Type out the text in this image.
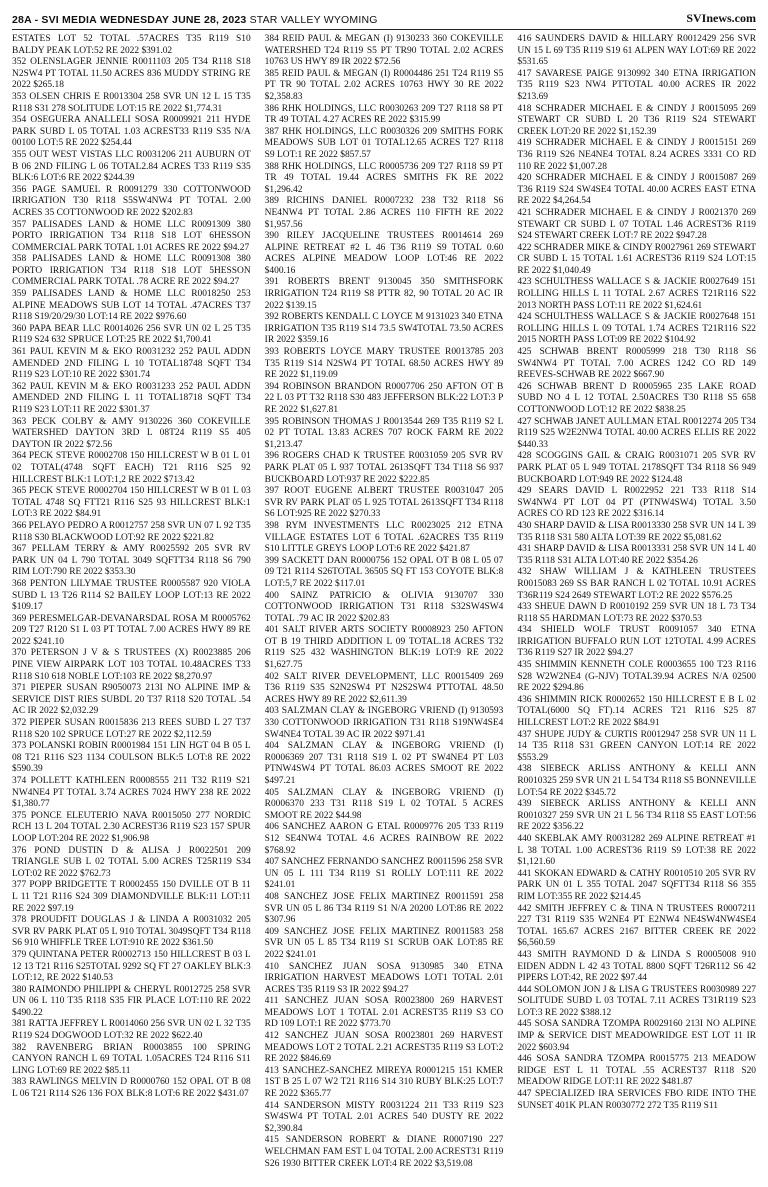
28A - SVI MEDIA WEDNESDAY JUNE 28, 2023 STAR VALLEY WYOMING	SVInews.com

ESTATES LOT 52 TOTAL .57ACRES T35 R119 S10 BALDY PEAK LOT:52 RE 2022 $391.02

352 OLENSLAGER JENNIE R0011103 205 T34 R118 S18 N2SW4 PT TOTAL 11.50 ACRES 836 MUDDY STRING RE 2022 $265.18

353 OLSEN CHRIS E R0013304 258 SVR UN 12 L 15 T35 R118 S31 278 SOLITUDE LOT:15 RE 2022 $1,774.31

354 OSEGUERA ANALLELI SOSA R0009921 211 HYDE PARK SUBD L 05 TOTAL 1.03 ACREST33 R119 S35 N/A 00100 LOT:5 RE 2022 $254.44

355 OUT WEST VISTAS LLC R0031206 211 AUBURN OT B 06 2ND FILING L 06 TOTAL2.84 ACRES T33 R119 S35 BLK:6 LOT:6 RE 2022 $244.39

356 PAGE SAMUEL R R0091279 330 COTTONWOOD IRRIGATION T30 R118 S5SW4NW4 PT TOTAL 2.00 ACRES 35 COTTONWOOD RE 2022 $202.83

357 PALISADES LAND & HOME LLC R0091309 380 PORTO IRRIGATION T34 R118 S18 LOT 6HESSON COMMERCIAL PARK TOTAL 1.01 ACRES RE 2022 $94.27

358 PALISADES LAND & HOME LLC R0091308 380 PORTO IRRIGATION T34 R118 S18 LOT 5HESSON COMMERCIAL PARK TOTAL .78 ACRE RE 2022 $94.27

359 PALISADES LAND & HOME LLC R0018250 253 ALPINE MEADOWS SUB LOT 14 TOTAL .47ACRES T37 R118 S19/20/29/30 LOT:14 RE 2022 $976.60

360 PAPA BEAR LLC R0014026 256 SVR UN 02 L 25 T35 R119 S24 632 SPRUCE LOT:25 RE 2022 $1,700.41

361 PAUL KEVIN M & EKO R0031232 252 PAUL ADDN AMENDED 2ND FILING L 10 TOTAL18748 SQFT T34 R119 S23 LOT:10 RE 2022 $301.74

362 PAUL KEVIN M & EKO R0031233 252 PAUL ADDN AMENDED 2ND FILING L 11 TOTAL18718 SQFT T34 R119 S23 LOT:11 RE 2022 $301.37

363 PECK COLBY & AMY 9130226 360 COKEVILLE WATERSHED DAYTON 3RD L 08T24 R119 S5 405 DAYTON IR 2022 $72.56

364 PECK STEVE R0002708 150 HILLCREST W B 01 L 01 02 TOTAL(4748 SQFT EACH) T21 R116 S25 92 HILLCREST BLK:1 LOT:1,2 RE 2022 $713.42

365 PECK STEVE R0002704 150 HILLCREST W B 01 L 03 TOTAL 4748 SQ FTT21 R116 S25 93 HILLCREST BLK:1 LOT:3 RE 2022 $84.91

366 PELAYO PEDRO A R0012757 258 SVR UN 07 L 92 T35 R118 S30 BLACKWOOD LOT:92 RE 2022 $221.82

367 PELLAM TERRY & AMY R0025592 205 SVR RV PARK UN 04 L 790 TOTAL 3049 SQFTT34 R118 S6 790 RIM LOT:790 RE 2022 $353.30

368 PENTON LILYMAE TRUSTEE R0005587 920 VIOLA SUBD L 13 T26 R114 S2 BAILEY LOOP LOT:13 RE 2022 $109.17

369 PERESMELGAR-DEVANARSDAL ROSA M R0005762 209 T27 R120 S1 L 03 PT TOTAL 7.00 ACRES HWY 89 RE 2022 $241.10

370 PETERSON J V & S TRUSTEES (X) R0023885 206 PINE VIEW AIRPARK LOT 103 TOTAL 10.48ACRES T33 R118 S10 618 NOBLE LOT:103 RE 2022 $8,270.97

371 PIEPER SUSAN R9050073 213I NO ALPINE IMP & SERVICE DIST RIES SUBDL 20 T37 R118 S20 TOTAL .54 AC IR 2022 $2,032.29

372 PIEPER SUSAN R0015836 213 REES SUBD L 27 T37 R118 S20 102 SPRUCE LOT:27 RE 2022 $2,112.59

373 POLANSKI ROBIN R0001984 151 LIN HGT 04 B 05 L 08 T21 R116 S23 1134 COULSON BLK:5 LOT:8 RE 2022 $590.39

374 POLLETT KATHLEEN R0008555 211 T32 R119 S21 NW4NE4 PT TOTAL 3.74 ACRES 7024 HWY 238 RE 2022 $1,380.77

375 PONCE ELEUTERIO NAVA R0015050 277 NORDIC RCH 13 L 204 TOTAL 2.30 ACREST36 R119 S23 157 SPUR LOOP LOT:204 RE 2022 $1,906.98

376 POND DUSTIN D & ALISA J R0022501 209 TRIANGLE SUB L 02 TOTAL 5.00 ACRES T25R119 S34 LOT:02 RE 2022 $762.73

377 POPP BRIDGETTE T R0002455 150 DVILLE OT B 11 L 11 T21 R116 S24 309 DIAMONDVILLE BLK:11 LOT:11 RE 2022 $97.19

378 PROUDFIT DOUGLAS J & LINDA A R0031032 205 SVR RV PARK PLAT 05 L 910 TOTAL 3049SQFT T34 R118 S6 910 WHIFFLE TREE LOT:910 RE 2022 $361.50

379 QUINTANA PETER R0002713 150 HILLCREST B 03 L 12 13 T21 R116 S25TOTAL 9292 SQ FT 27 OAKLEY BLK:3 LOT:12, RE 2022 $140.53

380 RAIMONDO PHILIPPI & CHERYL R0012725 258 SVR UN 06 L 110 T35 R118 S35 FIR PLACE LOT:110 RE 2022 $490.22

381 RATTA JEFFREY L R0014060 256 SVR UN 02 L 32 T35 R119 S24 DOGWOOD LOT:32 RE 2022 $622.40

382 RAVENBERG BRIAN R0003855 100 SPRING CANYON RANCH L 69 TOTAL 1.05ACRES T24 R116 S11 LING LOT:69 RE 2022 $85.11

383 RAWLINGS MELVIN D R0000760 152 OPAL OT B 08 L 06 T21 R114 S26 136 FOX BLK:8 LOT:6 RE 2022 $431.07

384 REID PAUL & MEGAN (I) 9130233 360 COKEVILLE WATERSHED T24 R119 S5 PT TR90 TOTAL 2.02 ACRES 10763 US HWY 89 IR 2022 $72.56

385 REID PAUL & MEGAN (I) R0004486 251 T24 R119 S5 PT TR 90 TOTAL 2.02 ACRES 10763 HWY 30 RE 2022 $2,358.83

386 RHK HOLDINGS, LLC R0030263 209 T27 R118 S8 PT TR 49 TOTAL 4.27 ACRES RE 2022 $315.99

387 RHK HOLDINGS, LLC R0030326 209 SMITHS FORK MEADOWS SUB LOT 01 TOTAL12.65 ACRES T27 R118 S9 LOT:1 RE 2022 $857.57

388 RHK HOLDINGS, LLC R0005736 209 T27 R118 S9 PT TR 49 TOTAL 19.44 ACRES SMITHS FK RE 2022 $1,296.42

389 RICHINS DANIEL R0007232 238 T32 R118 S6 NE4NW4 PT TOTAL 2.86 ACRES 110 FIFTH RE 2022 $1,957.56

390 RILEY JACQUELINE TRUSTEES R0014614 269 ALPINE RETREAT #2 L 46 T36 R119 S9 TOTAL 0.60 ACRES ALPINE MEADOW LOOP LOT:46 RE 2022 $400.16

391 ROBERTS BRENT 9130045 350 SMITHSFORK IRRIGATION T24 R119 S8 PTTR 82, 90 TOTAL 20 AC IR 2022 $139.15

392 ROBERTS KENDALL C LOYCE M 9131023 340 ETNA IRRIGATION T35 R119 S14 73.5 SW4TOTAL 73.50 ACRES IR 2022 $359.16

393 ROBERTS LOYCE MARY TRUSTEE R0013785 203 T35 R119 S14 N2SW4 PT TOTAL 68.50 ACRES HWY 89 RE 2022 $1,119.09

394 ROBINSON BRANDON R0007706 250 AFTON OT B 22 L 03 PT T32 R118 S30 483 JEFFERSON BLK:22 LOT:3 P RE 2022 $1,627.81

395 ROBINSON THOMAS J R0013544 269 T35 R119 S2 L 02 PT TOTAL 13.83 ACRES 707 ROCK FARM RE 2022 $1,213.47

396 ROGERS CHAD K TRUSTEE R0031059 205 SVR RV PARK PLAT 05 L 937 TOTAL 2613SQFT T34 T118 S6 937 BUCKBOARD LOT:937 RE 2022 $222.85

397 ROOT EUGENE ALBERT TRUSTEE R0031047 205 SVR RV PARK PLAT 05 L 925 TOTAL 2613SQFT T34 R118 S6 LOT:925 RE 2022 $270.33

398 RYM INVESTMENTS LLC R0023025 212 ETNA VILLAGE ESTATES LOT 6 TOTAL .62ACRES T35 R119 S10 LITTLE GREYS LOOP LOT:6 RE 2022 $421.87

399 SACKETT DAN R0000756 152 OPAL OT B 08 L 05 07 09 T21 R114 S26TOTAL 36505 SQ FT 153 COYOTE BLK:8 LOT:5,7 RE 2022 $117.01

400 SAINZ PATRICIO & OLIVIA 9130707 330 COTTONWOOD IRRIGATION T31 R118 S32SW4SW4 TOTAL .79 AC IR 2022 $202.83

401 SALT RIVER ARTS SOCIETY R0008923 250 AFTON OT B 19 THIRD ADDITION L 09 TOTAL.18 ACRES T32 R119 S25 432 WASHINGTON BLK:19 LOT:9 RE 2022 $1,627.75

402 SALT RIVER DEVELOPMENT, LLC R0015409 269 T36 R119 S35 S2N2SW4 PT N2S2SW4 PTTOTAL 48.50 ACRES HWY 89 RE 2022 $2,611.39

403 SALZMAN CLAY & INGEBORG VRIEND (I) 9130593 330 COTTONWOOD IRRIGATION T31 R118 S19NW4SE4 SW4NE4 TOTAL 39 AC IR 2022 $971.41

404 SALZMAN CLAY & INGEBORG VRIEND (I) R0006369 207 T31 R118 S19 L 02 PT SW4NE4 PT L03 PTNW4SW4 PT TOTAL 86.03 ACRES SMOOT RE 2022 $497.21

405 SALZMAN CLAY & INGEBORG VRIEND (I) R0006370 233 T31 R118 S19 L 02 TOTAL 5 ACRES SMOOT RE 2022 $44.98

406 SANCHEZ AARON G ETAL R0009776 205 T33 R119 S12 SE4NW4 TOTAL 4.6 ACRES RAINBOW RE 2022 $768.92

407 SANCHEZ FERNANDO SANCHEZ R0011596 258 SVR UN 05 L 111 T34 R119 S1 ROLLY LOT:111 RE 2022 $241.01

408 SANCHEZ JOSE FELIX MARTINEZ R0011591 258 SVR UN 05 L 86 T34 R119 S1 N/A 20200 LOT:86 RE 2022 $307.96

409 SANCHEZ JOSE FELIX MARTINEZ R0011583 258 SVR UN 05 L 85 T34 R119 S1 SCRUB OAK LOT:85 RE 2022 $241.01

410 SANCHEZ JUAN SOSA 9130985 340 ETNA IRRIGATION HARVEST MEADOWS LOT1 TOTAL 2.01 ACRES T35 R119 S3 IR 2022 $94.27

411 SANCHEZ JUAN SOSA R0023800 269 HARVEST MEADOWS LOT 1 TOTAL 2.01 ACREST35 R119 S3 CO RD 109 LOT:1 RE 2022 $773.70

412 SANCHEZ JUAN SOSA R0023801 269 HARVEST MEADOWS LOT 2 TOTAL 2.21 ACREST35 R119 S3 LOT:2 RE 2022 $846.69

413 SANCHEZ-SANCHEZ MIREYA R0001215 151 KMER 1ST B 25 L 07 W2 T21 R116 S14 310 RUBY BLK:25 LOT:7 RE 2022 $365.77

414 SANDERSON MISTY R0031224 211 T33 R119 S23 SW4SW4 PT TOTAL 2.01 ACRES 540 DUSTY RE 2022 $2,390.84

415 SANDERSON ROBERT & DIANE R0007190 227 WELCHMAN FAM EST L 04 TOTAL 2.00 ACREST31 R119 S26 1930 BITTER CREEK LOT:4 RE 2022 $3,519.08

416 SAUNDERS DAVID & HILLARY R0012429 256 SVR UN 15 L 69 T35 R119 S19 61 ALPEN WAY LOT:69 RE 2022 $531.65

417 SAVARESE PAIGE 9130992 340 ETNA IRRIGATION T35 R119 S23 NW4 PTTOTAL 40.00 ACRES IR 2022 $213.69

418 SCHRADER MICHAEL E & CINDY J R0015095 269 STEWART CR SUBD L 20 T36 R119 S24 STEWART CREEK LOT:20 RE 2022 $1,152.39

419 SCHRADER MICHAEL E & CINDY J R0015151 269 T36 R119 S26 NE4NE4 TOTAL 8.24 ACRES 3331 CO RD 110 RE 2022 $1,007.28

420 SCHRADER MICHAEL E & CINDY J R0015087 269 T36 R119 S24 SW4SE4 TOTAL 40.00 ACRES EAST ETNA RE 2022 $4,264.54

421 SCHRADER MICHAEL E & CINDY J R0021370 269 STEWART CR SUBD L 07 TOTAL 1.46 ACREST36 R119 S24 STEWART CREEK LOT:7 RE 2022 $947.28

422 SCHRADER MIKE & CINDY R0027961 269 STEWART CR SUBD L 15 TOTAL 1.61 ACREST36 R119 S24 LOT:15 RE 2022 $1,040.49

423 SCHULTHESS WALLACE S & JACKIE R0027649 151 ROLLING HILLS L 11 TOTAL 2.67 ACRES T21R116 S22 2013 NORTH PASS LOT:11 RE 2022 $1,624.61

424 SCHULTHESS WALLACE S & JACKIE R0027648 151 ROLLING HILLS L 09 TOTAL 1.74 ACRES T21R116 S22 2015 NORTH PASS LOT:09 RE 2022 $104.92

425 SCHWAB BRENT R0005999 218 T30 R118 S6 SW4NW4 PT TOTAL 7.00 ACRES 1242 CO RD 149 REEVES-SCHWAB RE 2022 $667.90

426 SCHWAB BRENT D R0005965 235 LAKE ROAD SUBD NO 4 L 12 TOTAL 2.50ACRES T30 R118 S5 658 COTTONWOOD LOT:12 RE 2022 $838.25

427 SCHWAB JANET AULLMAN ETAL R0012274 205 T34 R119 S25 W2E2NW4 TOTAL 40.00 ACRES ELLIS RE 2022 $440.33

428 SCOGGINS GAIL & CRAIG R0031071 205 SVR RV PARK PLAT 05 L 949 TOTAL 2178SQFT T34 R118 S6 949 BUCKBOARD LOT:949 RE 2022 $124.48

429 SEARS DAVID L R0022952 221 T33 R118 S14 SW4NW4 PT LOT 04 PT (PTNW4SW4) TOTAL 3.50 ACRES CO RD 123 RE 2022 $316.14

430 SHARP DAVID & LISA R0013330 258 SVR UN 14 L 39 T35 R118 S31 580 ALTA LOT:39 RE 2022 $5,081.62

431 SHARP DAVID & LISA R0013331 258 SVR UN 14 L 40 T35 R118 S31 ALTA LOT:40 RE 2022 $354.26

432 SHAW WILLIAM J & KATHLEEN TRUSTEES R0015083 269 SS BAR RANCH L 02 TOTAL 10.91 ACRES T36R119 S24 2649 STEWART LOT:2 RE 2022 $576.25

433 SHEUE DAWN D R0010192 259 SVR UN 18 L 73 T34 R118 S5 HARDMAN LOT:73 RE 2022 $370.53

434 SHIELD WOLF TRUST R0091057 340 ETNA IRRIGATION BUFFALO RUN LOT 12TOTAL 4.99 ACRES T36 R119 S27 IR 2022 $94.27

435 SHIMMIN KENNETH COLE R0003655 100 T23 R116 S28 W2W2NE4 (G-NJV) TOTAL39.94 ACRES N/A 02500 RE 2022 $294.86

436 SHIMMIN RICK R0002652 150 HILLCREST E B L 02 TOTAL(6000 SQ FT).14 ACRES T21 R116 S25 87 HILLCREST LOT:2 RE 2022 $84.91

437 SHUPE JUDY & CURTIS R0012947 258 SVR UN 11 L 14 T35 R118 S31 GREEN CANYON LOT:14 RE 2022 $553.29

438 SIEBECK ARLISS ANTHONY & KELLI ANN R0010325 259 SVR UN 21 L 54 T34 R118 S5 BONNEVILLE LOT:54 RE 2022 $345.72

439 SIEBECK ARLISS ANTHONY & KELLI ANN R0010327 259 SVR UN 21 L 56 T34 R118 S5 EAST LOT:56 RE 2022 $356.22

440 SKEBLAK AMY R0031282 269 ALPINE RETREAT #1 L 38 TOTAL 1.00 ACREST36 R119 S9 LOT:38 RE 2022 $1,121.60

441 SKOKAN EDWARD & CATHY R0010510 205 SVR RV PARK UN 01 L 355 TOTAL 2047 SQFTT34 R118 S6 355 RIM LOT:355 RE 2022 $214.45

442 SMITH JEFFREY C & TINA N TRUSTEES R0007211 227 T31 R119 S35 W2NE4 PT E2NW4 NE4SW4NW4SE4 TOTAL 165.67 ACRES 2167 BITTER CREEK RE 2022 $6,560.59

443 SMITH RAYMOND D & LINDA S R0005008 910 EIDEN ADDN L 42 43 TOTAL 8800 SQFT T26R112 S6 42 PIPERS LOT:42, RE 2022 $97.44

444 SOLOMON JON J & LISA G TRUSTEES R0030989 227 SOLITUDE SUBD L 03 TOTAL 7.11 ACRES T31R119 S23 LOT:3 RE 2022 $388.12

445 SOSA SANDRA TZOMPA R0029160 213I NO ALPINE IMP & SERVICE DIST MEADOWRIDGE EST LOT 11 IR 2022 $603.94

446 SOSA SANDRA TZOMPA R0015775 213 MEADOW RIDGE EST L 11 TOTAL .55 ACREST37 R118 S20 MEADOW RIDGE LOT:11 RE 2022 $481.87

447 SPECIALIZED IRA SERVICES FBO RIDE INTO THE SUNSET 401K PLAN R0030772 272 T35 R119 S11
